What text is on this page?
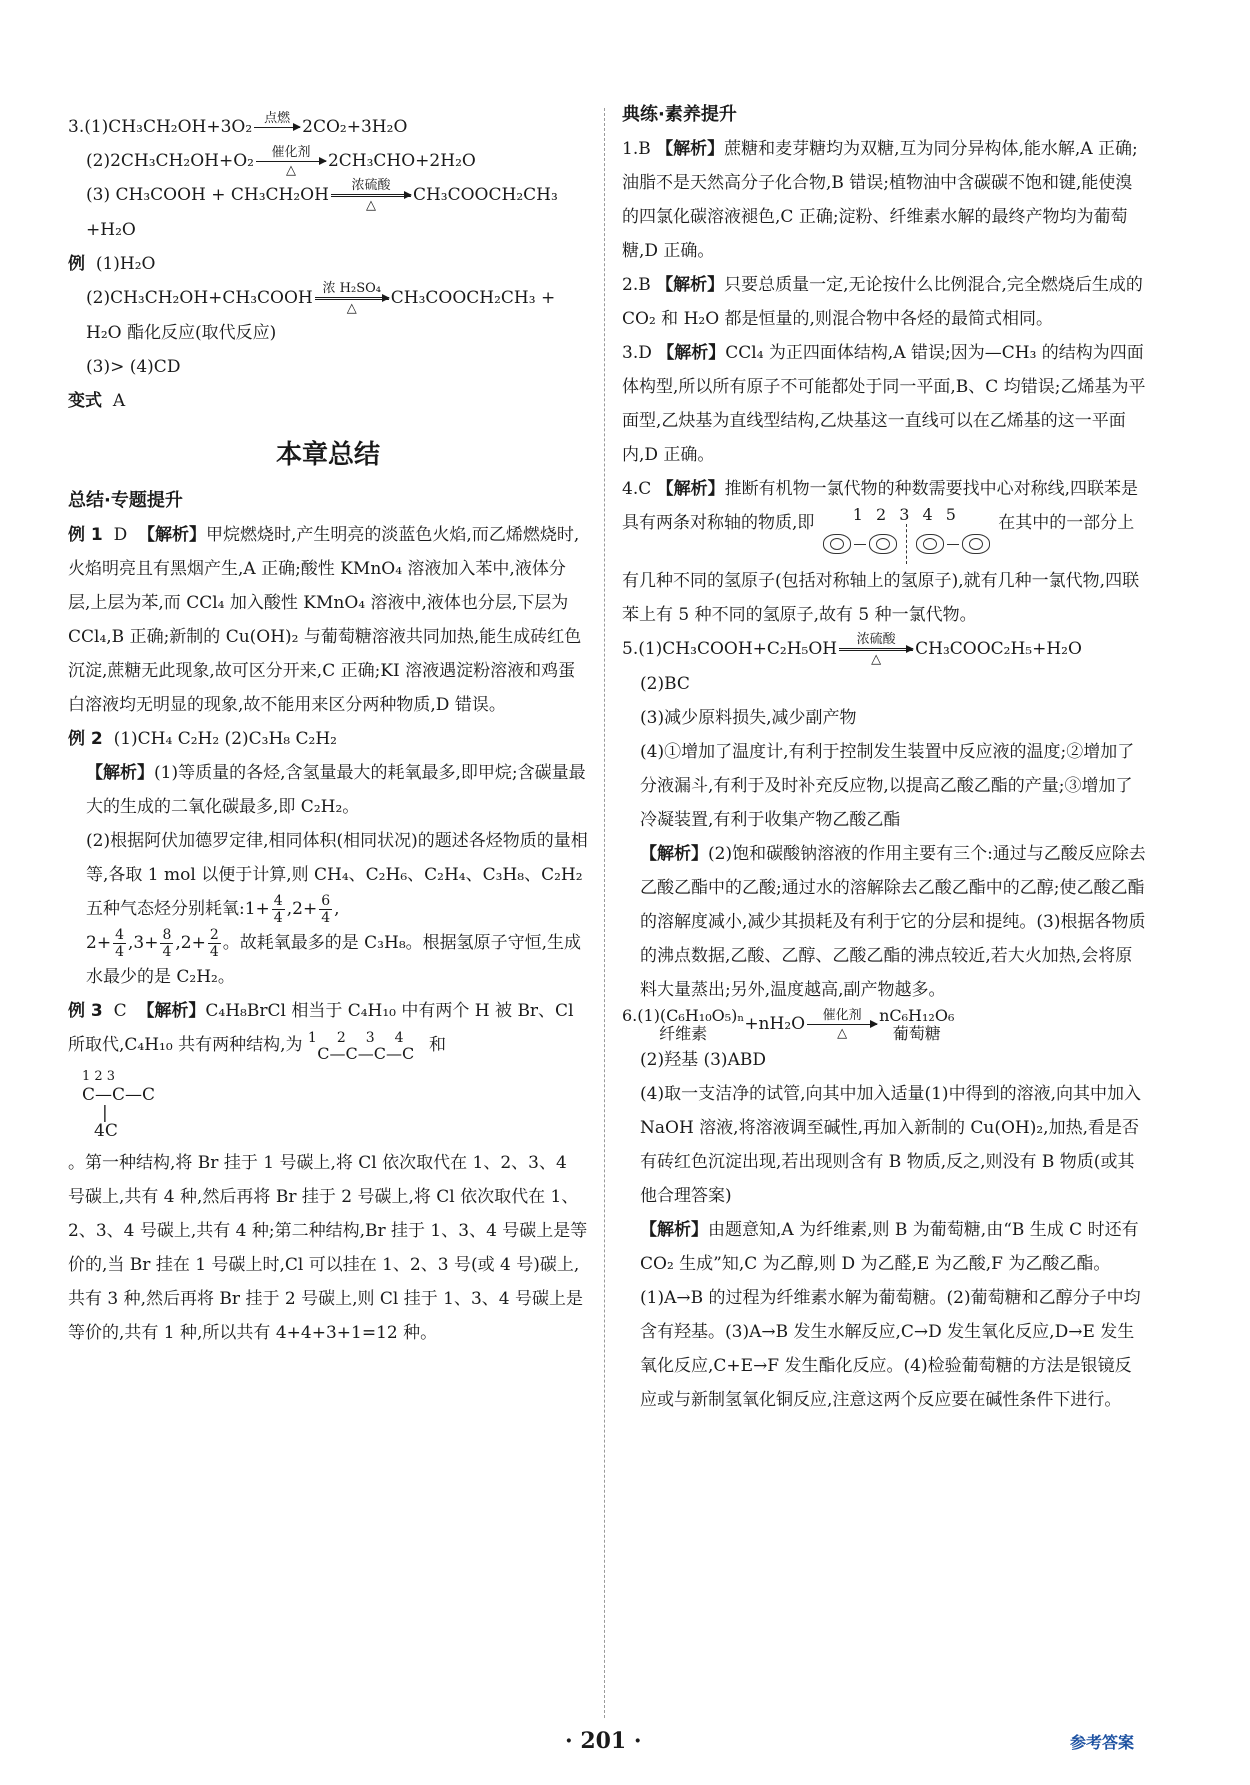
3.(1)CH₃CH₂OH+3O₂ 点燃
2CO₂+3H₂O

(2)2CH₃CH₂OH+O₂	催化剂
△	2CH₃CHO+2H₂O

(3) CH₃COOH + CH₃CH₂OH	浓硫酸
△
CH₃COOCH₂CH₃

+H₂O

例 (1)H₂O

(2)CH₃CH₂OH+CH₃COOH 浓 H₂SO₄
△
CH₃COOCH₂CH₃ +

H₂O 酯化反应(取代反应)

(3)> (4)CD

变式 A

本章总结
总结·专题提升

例 1 D 【解析】甲烷燃烧时,产生明亮的淡蓝色火焰,而乙烯燃烧时,火焰明亮且有黑烟产生,A 正确;酸性 KMnO₄ 溶液加入苯中,液体分层,上层为苯,而 CCl₄ 加入酸性 KMnO₄ 溶液中,液体也分层,下层为 CCl₄,B 正确;新制的 Cu(OH)₂ 与葡萄糖溶液共同加热,能生成砖红色沉淀,蔗糖无此现象,故可区分开来,C 正确;KI 溶液遇淀粉溶液和鸡蛋白溶液均无明显的现象,故不能用来区分两种物质,D 错误。

例 2 (1)CH₄ C₂H₂ (2)C₃H₈ C₂H₂

【解析】(1)等质量的各烃,含氢量最大的耗氧最多,即甲烷;含碳量最大的生成的二氧化碳最多,即 C₂H₂。

(2)根据阿伏加德罗定律,相同体积(相同状况)的题述各烃物质的量相等,各取 1 mol 以便于计算,则 CH₄、C₂H₆、C₂H₄、C₃H₈、C₂H₂ 五种气态烃分别耗氧:1+ $\frac{4}{4} ,2+ \frac{6}{4}$ ,

$2+ \frac{4}{4} ,3+ \frac{8}{4} ,2+ \frac{2}{4}$ 。故耗氧最多的是 C₃H₈。根据氢原子守恒,生成水最少的是 C₂H₂。

例 3 C 【解析】C₄H₈BrCl 相当于 C₄H₁₀ 中有两个 H 被 Br、Cl 所取代,C₄H₁₀ 共有两种结构,为 1234
C—C—C—C 和

1 2 3
C—C—C
|
4C

。第一种结构,将 Br 挂于 1 号碳上,将 Cl 依次取代在 1、2、3、4 号碳上,共有 4 种,然后再将 Br 挂于 2 号碳上,将 Cl 依次取代在 1、2、3、4 号碳上,共有 4 种;第二种结构,Br 挂于 1、3、4 号碳上是等价的,当 Br 挂在 1 号碳上时,Cl 可以挂在 1、2、3 号(或 4 号)碳上,共有 3 种,然后再将 Br 挂于 2 号碳上,则 Cl 挂于 1、3、4 号碳上是等价的,共有 1 种,所以共有 4+4+3+1=12 种。

典练·素养提升

1.B 【解析】蔗糖和麦芽糖均为双糖,互为同分异构体,能水解,A 正确;油脂不是天然高分子化合物,B 错误;植物油中含碳碳不饱和键,能使溴的四氯化碳溶液褪色,C 正确;淀粉、纤维素水解的最终产物均为葡萄糖,D 正确。

2.B 【解析】只要总质量一定,无论按什么比例混合,完全燃烧后生成的 CO₂ 和 H₂O 都是恒量的,则混合物中各烃的最简式相同。

3.D 【解析】CCl₄ 为正四面体结构,A 错误;因为—CH₃ 的结构为四面体构型,所以所有原子不可能都处于同一平面,B、C 均错误;乙烯基为平面型,乙炔基为直线型结构,乙炔基这一直线可以在乙烯基的这一平面内,D 正确。

4.C 【解析】推断有机物一氯代物的种数需要找中心对称线,四联苯是具有两条对称轴的物质,即	1 2 3 4 5	在其中的一部分上有几种不同的氢原子(包括对称轴上的氢原子),就有几种一氯代物,四联苯上有 5 种不同的氢原子,故有 5 种一氯代物。

5.(1)CH₃COOH+C₂H₅OH	浓硫酸
△
CH₃COOC₂H₅+H₂O

(2)BC

(3)减少原料损失,减少副产物

(4)①增加了温度计,有利于控制发生装置中反应液的温度;②增加了分液漏斗,有利于及时补充反应物,以提高乙酸乙酯的产量;③增加了冷凝装置,有利于收集产物乙酸乙酯

【解析】(2)饱和碳酸钠溶液的作用主要有三个:通过与乙酸反应除去乙酸乙酯中的乙酸;通过水的溶解除去乙酸乙酯中的乙醇;使乙酸乙酯的溶解度减小,减少其损耗及有利于它的分层和提纯。(3)根据各物质的沸点数据,乙酸、乙醇、乙酸乙酯的沸点较近,若大火加热,会将原料大量蒸出;另外,温度越高,副产物越多。

6.(1)(C₆H₁₀O₅)ₙ
纤维素	+nH₂O	催化剂
△
nC₆H₁₂O₆
葡萄糖

(2)羟基 (3)ABD

(4)取一支洁净的试管,向其中加入适量(1)中得到的溶液,向其中加入 NaOH 溶液,将溶液调至碱性,再加入新制的 Cu(OH)₂,加热,看是否有砖红色沉淀出现,若出现则含有 B 物质,反之,则没有 B 物质(或其他合理答案)

【解析】由题意知,A 为纤维素,则 B 为葡萄糖,由“B 生成 C 时还有 CO₂ 生成”知,C 为乙醇,则 D 为乙醛,E 为乙酸,F 为乙酸乙酯。(1)A→B 的过程为纤维素水解为葡萄糖。(2)葡萄糖和乙醇分子中均含有羟基。(3)A→B 发生水解反应,C→D 发生氧化反应,D→E 发生氧化反应,C+E→F 发生酯化反应。(4)检验葡萄糖的方法是银镜反应或与新制氢氧化铜反应,注意这两个反应要在碱性条件下进行。

· 201 ·	参考答案
